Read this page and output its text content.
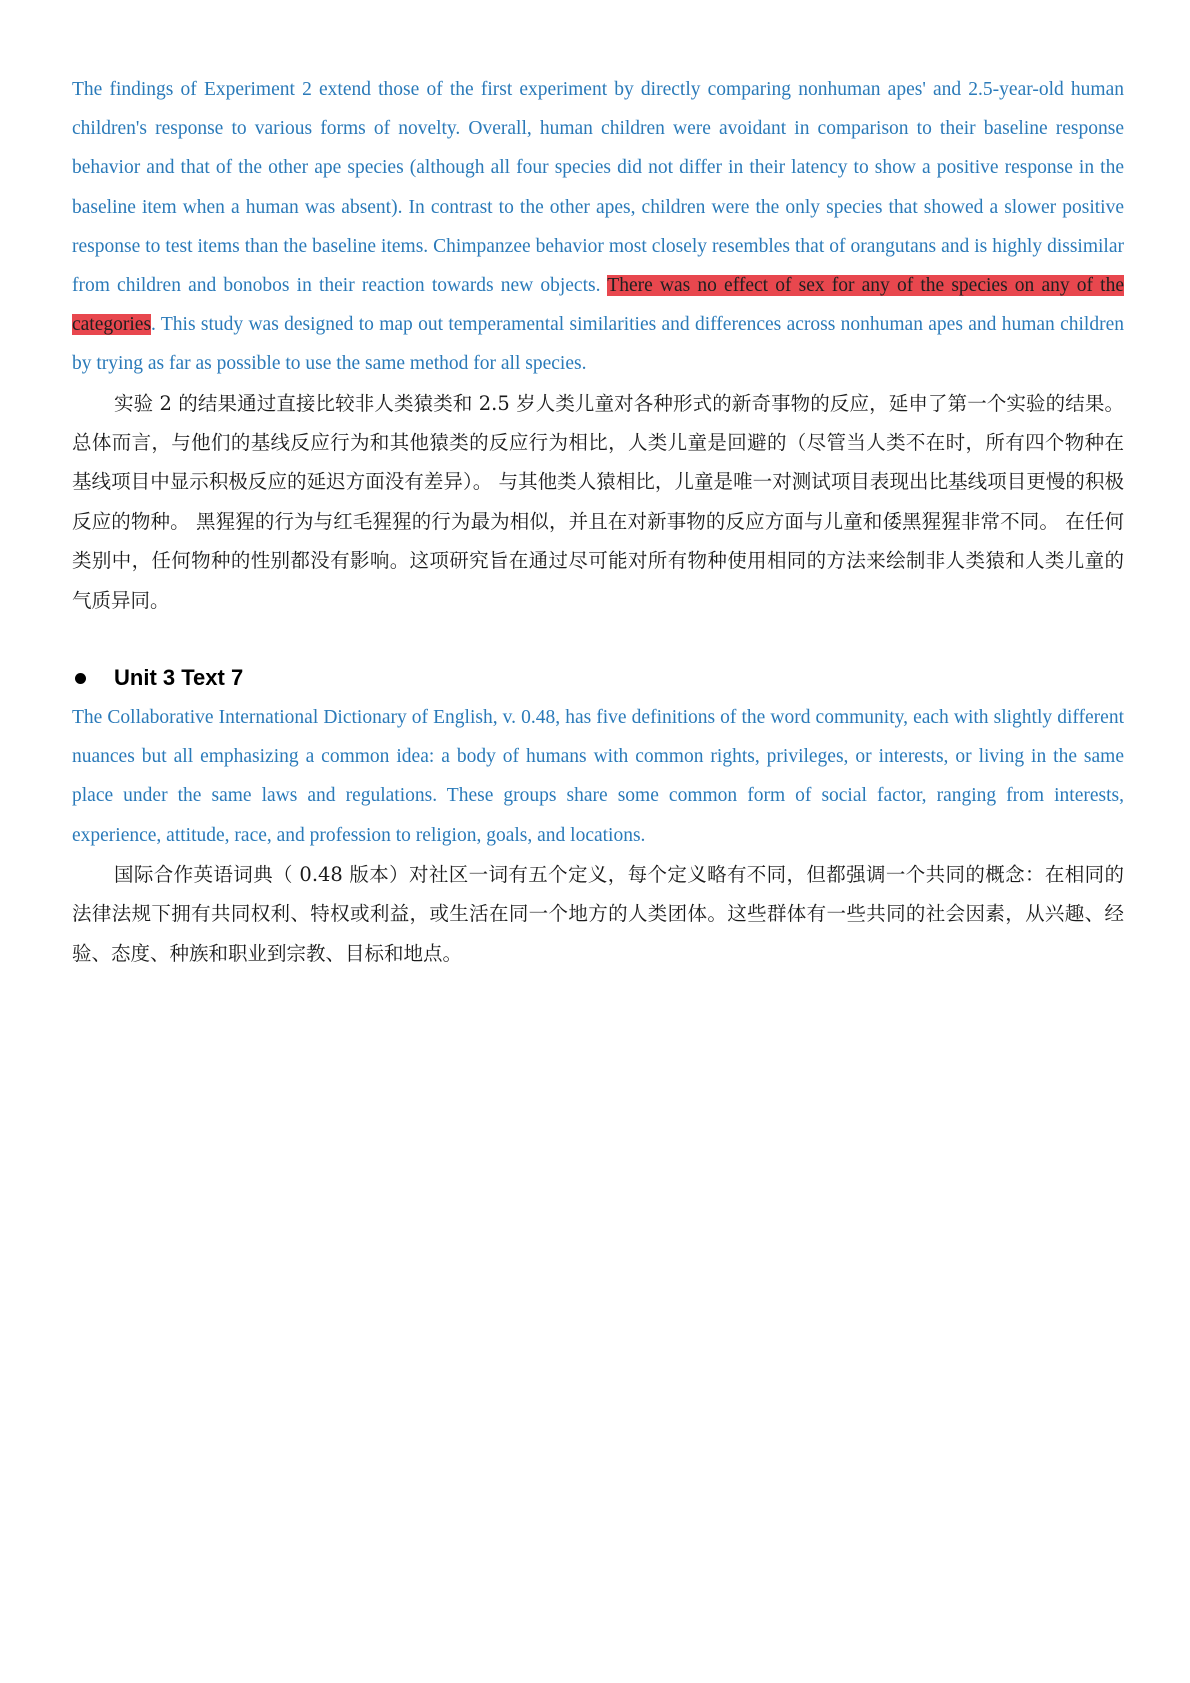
The findings of Experiment 2 extend those of the first experiment by directly comparing nonhuman apes' and 2.5-year-old human children's response to various forms of novelty. Overall, human children were avoidant in comparison to their baseline response behavior and that of the other ape species (although all four species did not differ in their latency to show a positive response in the baseline item when a human was absent). In contrast to the other apes, children were the only species that showed a slower positive response to test items than the baseline items. Chimpanzee behavior most closely resembles that of orangutans and is highly dissimilar from children and bonobos in their reaction towards new objects. There was no effect of sex for any of the species on any of the categories. This study was designed to map out temperamental similarities and differences across nonhuman apes and human children by trying as far as possible to use the same method for all species.

实验 2 的结果通过直接比较非人类猿类和 2.5 岁人类儿童对各种形式的新奇事物的反应，延申了第一个实验的结果。总体而言，与他们的基线反应行为和其他猿类的反应行为相比，人类儿童是回避的（尽管当人类不在时，所有四个物种在基线项目中显示积极反应的延迟方面没有差异）。 与其他类人猿相比，儿童是唯一对测试项目表现出比基线项目更慢的积极反应的物种。 黑猩猩的行为与红毛猩猩的行为最为相似，并且在对新事物的反应方面与儿童和倭黑猩猩非常不同。 在任何类别中，任何物种的性别都没有影响。这项研究旨在通过尽可能对所有物种使用相同的方法来绘制非人类猿和人类儿童的气质异同。

Unit 3 Text 7

The Collaborative International Dictionary of English, v. 0.48, has five definitions of the word community, each with slightly different nuances but all emphasizing a common idea: a body of humans with common rights, privileges, or interests, or living in the same place under the same laws and regulations. These groups share some common form of social factor, ranging from interests, experience, attitude, race, and profession to religion, goals, and locations.

国际合作英语词典（ 0.48 版本）对社区一词有五个定义，每个定义略有不同，但都强调一个共同的概念：在相同的法律法规下拥有共同权利、特权或利益，或生活在同一个地方的人类团体。这些群体有一些共同的社会因素，从兴趣、经验、态度、种族和职业到宗教、目标和地点。
